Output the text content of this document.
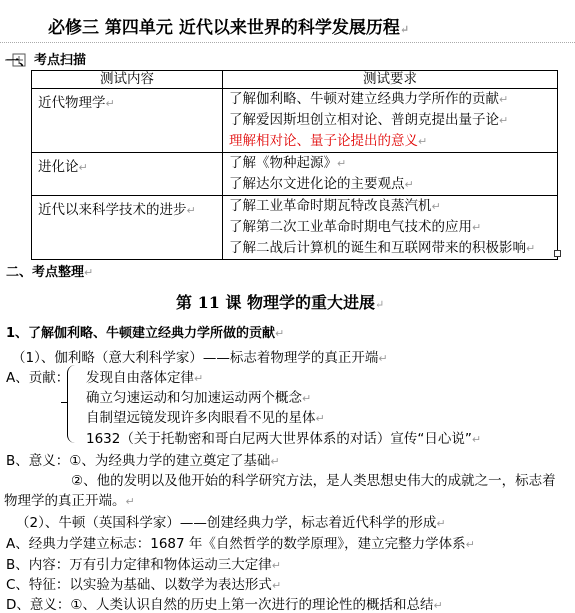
必修三 第四单元 近代以来世界的科学发展历程↵
一、 考点扫描
测试内容	测试要求
近代物理学↵	了解伽利略、牛顿对建立经典力学所作的贡献↵
了解爱因斯坦创立相对论、普朗克提出量子论↵
理解相对论、量子论提出的意义↵

进化论↵	了解《物种起源》↵
了解达尔文进化论的主要观点↵

近代以来科学技术的进步↵	了解工业革命时期瓦特改良蒸汽机↵
了解第二次工业革命时期电气技术的应用↵
了解二战后计算机的诞生和互联网带来的积极影响↵
二、考点整理↵
第 11 课 物理学的重大进展↵
1、了解伽利略、牛顿建立经典力学所做的贡献↵
（1）、伽利略（意大利科学家）——标志着物理学的真正开端↵
A、贡献： 发现自由落体定律↵
确立匀速运动和匀加速运动两个概念↵
自制望远镜发现许多肉眼看不见的星体↵
1632（关于托勒密和哥白尼两大世界体系的对话）宣传“日心说”↵
B、意义：①、为经典力学的建立奠定了基础↵
②、他的发明以及他开始的科学研究方法，是人类思想史伟大的成就之一，标志着
物理学的真正开端。↵
（2）、牛顿（英国科学家）——创建经典力学，标志着近代科学的形成↵
A、经典力学建立标志：1687 年《自然哲学的数学原理》，建立完整力学体系↵
B、内容：万有引力定律和物体运动三大定律↵
C、特征：以实验为基础、以数学为表达形式↵
D、意义：①、人类认识自然的历史上第一次进行的理论性的概括和总结↵
